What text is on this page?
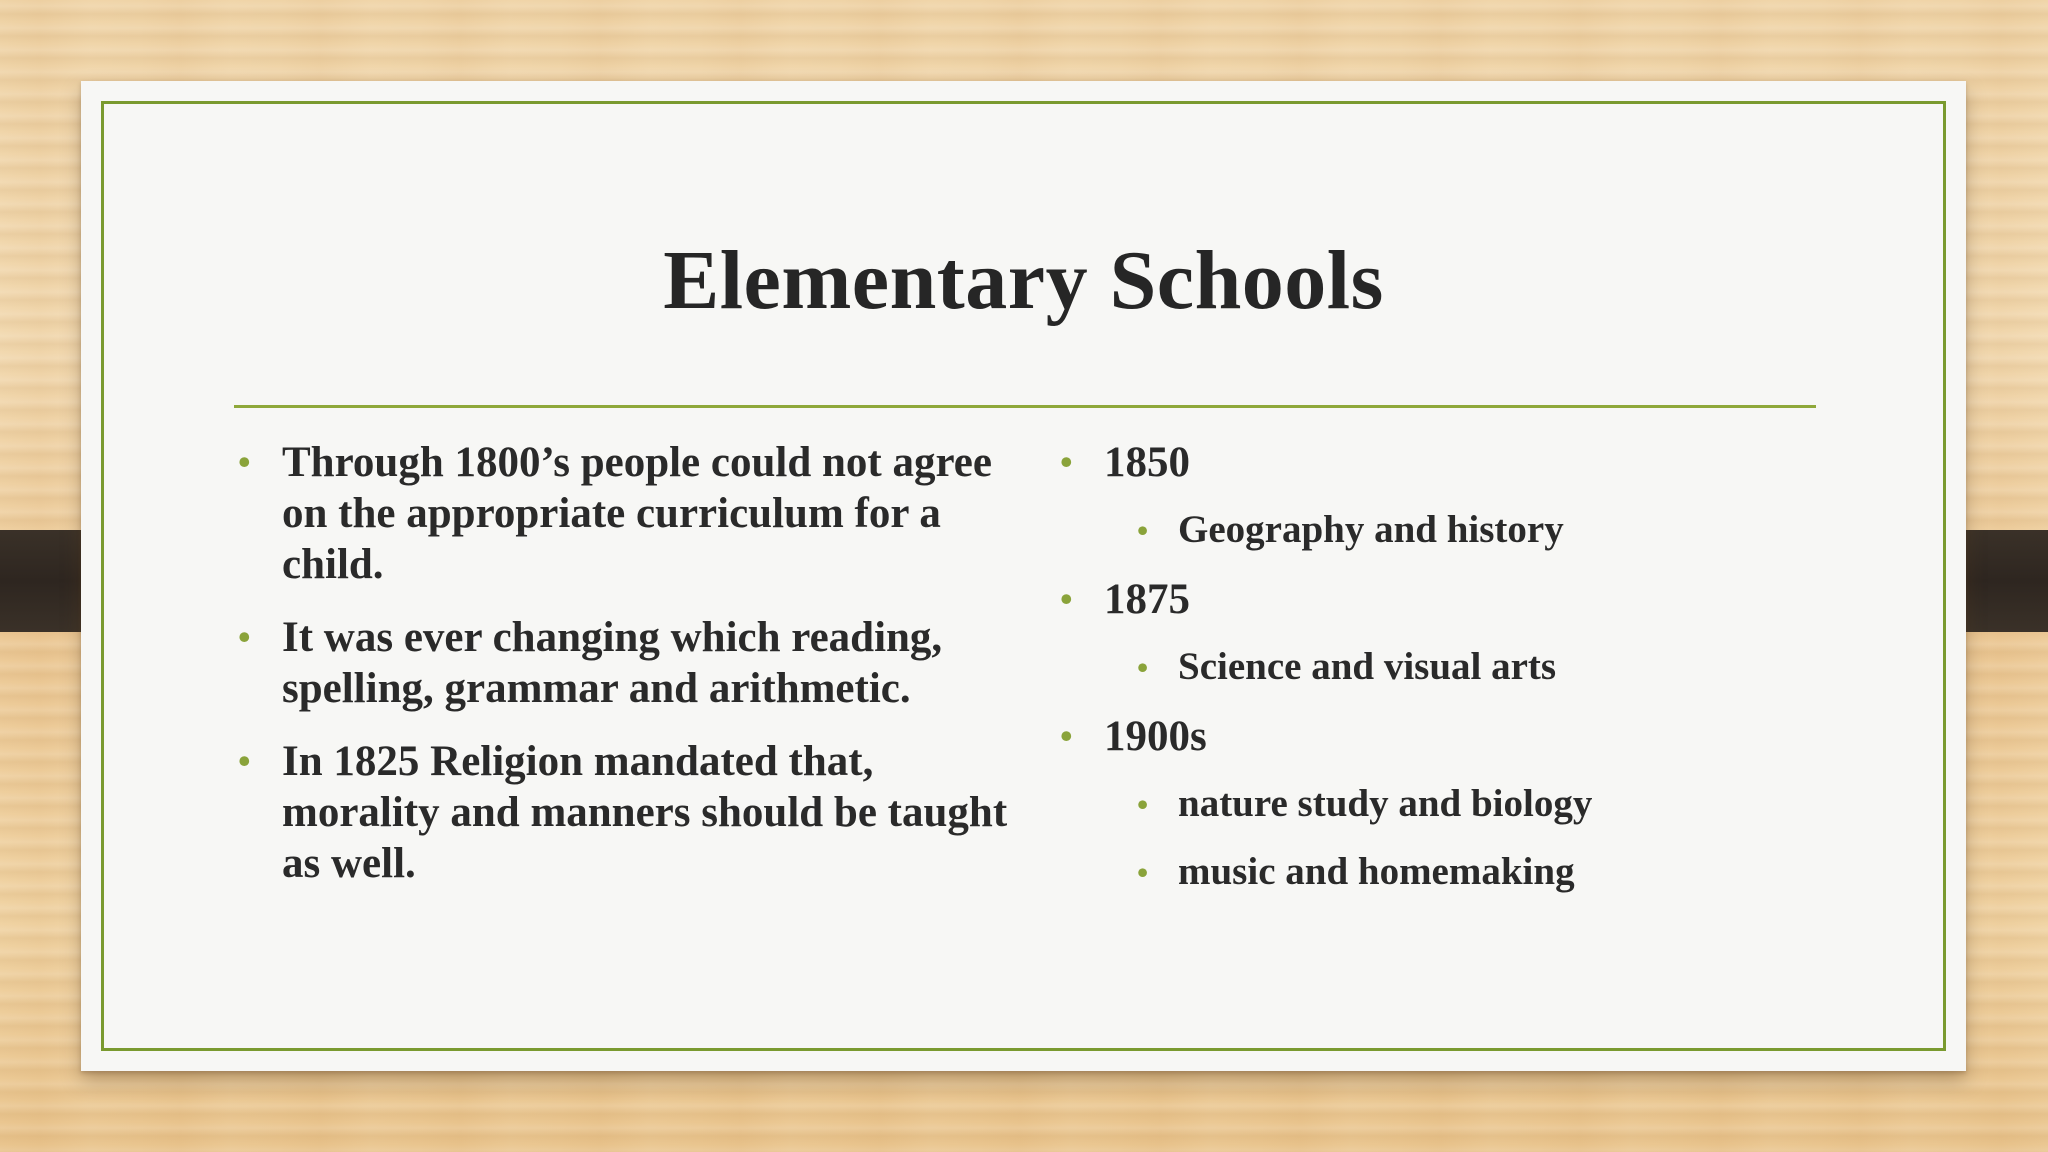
Elementary Schools
• Through 1800’s people could not agree on the appropriate curriculum for a child.
• It was ever changing which reading, spelling, grammar and arithmetic.
• In 1825 Religion mandated that, morality and manners should be taught as well.
• 1850
• Geography and history
• 1875
• Science and visual arts
• 1900s
• nature study and biology
• music and homemaking
